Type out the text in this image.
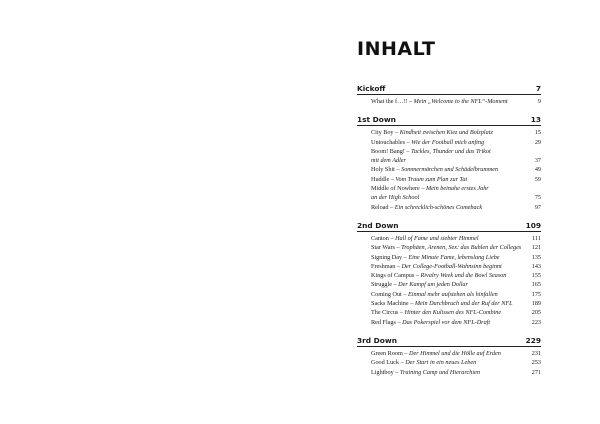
INHALT
Kickoff	7
What the f…!! – Mein „Welcome to the NFL“-Moment	9
1st Down	13
City Boy – Kindheit zwischen Kiez und Bolzplatz	15
Untouchables – Wie der Football mich anfing	29
Boom! Bang! – Tackles, Thunder und das Trikot
mit dem Adler	37
Holy Shit – Sommermärchen und Schädelbrummen	49
Huddle – Vom Traum zum Plan zur Tat	59
Middle of Nowhere – Mein beinahe erstes Jahr
an der High School	75
Reload – Ein schrecklich-schönes Comeback	97
2nd Down	109
Canton – Hall of Fame und siebter Himmel	111
Star Wars – Trophäen, Arenen, Sex: das Buhlen der Colleges	121
Signing Day – Eine Minute Fame, lebenslang Liebe	135
Freshman – Der College-Football-Wahnsinn beginnt	143
Kings of Campus – Rivalry Week und die Bowl Season	155
Struggle – Der Kampf um jeden Dollar	165
Coming Out – Einmal mehr aufstehen als hinfallen	175
Sacks Machine – Mein Durchbruch und der Ruf der NFL	189
The Circus – Hinter den Kulissen des NFL-Combine	205
Red Flags – Das Pokerspiel vor dem NFL-Draft	223
3rd Down	229
Green Room – Der Himmel und die Hölle auf Erden	231
Good Luck – Der Start in ein neues Leben	253
Lightboy – Training Camp und Hierarchien	271
